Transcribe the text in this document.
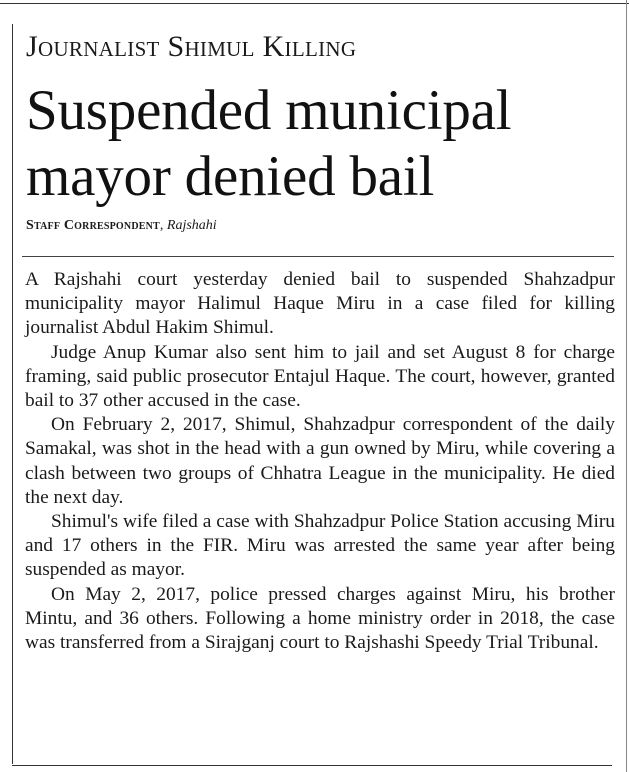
Journalist Shimul Killing
Suspended municipal mayor denied bail
Staff Correspondent, Rajshahi

A Rajshahi court yesterday denied bail to suspended Shahzadpur municipality mayor Halimul Haque Miru in a case filed for killing journalist Abdul Hakim Shimul.

Judge Anup Kumar also sent him to jail and set August 8 for charge framing, said public prosecutor Entajul Haque. The court, however, granted bail to 37 other accused in the case.

On February 2, 2017, Shimul, Shahzadpur correspondent of the daily Samakal, was shot in the head with a gun owned by Miru, while covering a clash between two groups of Chhatra League in the municipality. He died the next day.

Shimul's wife filed a case with Shahzadpur Police Station accusing Miru and 17 others in the FIR. Miru was arrested the same year after being suspended as mayor.

On May 2, 2017, police pressed charges against Miru, his brother Mintu, and 36 others. Following a home ministry order in 2018, the case was transferred from a Sirajganj court to Rajshashi Speedy Trial Tribunal.
